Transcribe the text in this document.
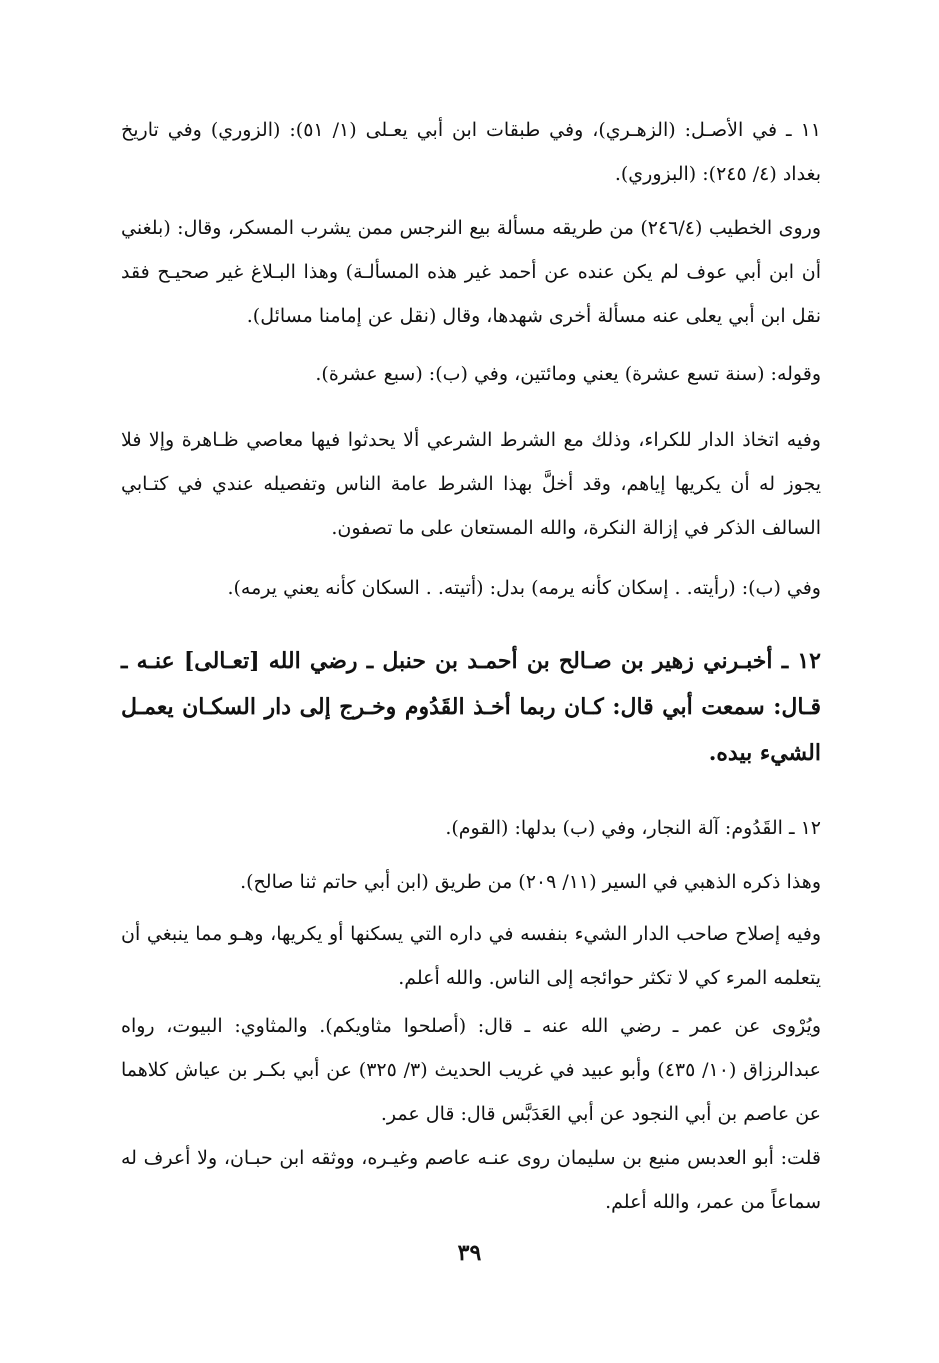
١١ ـ في الأصـل: (الزهـري)، وفي طبقات ابن أبي يعـلى (١/ ٥١): (الزوري) وفي تاريخ بغداد (٤/ ٢٤٥): (البزوري).

وروى الخطيب (٢٤٦/٤) من طريقه مسألة بيع النرجس ممن يشرب المسكر، وقال: (بلغني أن ابن أبي عوف لم يكن عنده عن أحمد غير هذه المسألـة) وهذا البـلاغ غير صحيـح فقد نقل ابن أبي يعلى عنه مسألة أخرى شهدها، وقال (نقل عن إمامنا مسائل).

وقوله: (سنة تسع عشرة) يعني ومائتين، وفي (ب): (سبع عشرة).

وفيه اتخاذ الدار للكراء، وذلك مع الشرط الشرعي ألا يحدثوا فيها معاصي ظـاهرة وإلا فلا يجوز له أن يكريها إياهم، وقد أخلَّ بهذا الشرط عامة الناس وتفصيله عندي في كتـابي السالف الذكر في إزالة النكرة، والله المستعان على ما تصفون.

وفي (ب): (رأيته. . إسكان كأنه يرمه) بدل: (أتيته. . السكان كأنه يعني يرمه).

١٢ ـ أخبـرني زهير بن صـالح بن أحمـد بن حنبل ـ رضي الله [تعـالى] عنـه ـ قـال: سمعت أبي قال: كـان ربما أخـذ القَدُوم وخـرج إلى دار السكـان يعمـل الشيء بيده.

١٢ ـ القَدُوم: آلة النجار، وفي (ب) بدلها: (القوم).

وهذا ذكره الذهبي في السير (١١/ ٢٠٩) من طريق (ابن أبي حاتم ثنا صالح).

وفيه إصلاح صاحب الدار الشيء بنفسه في داره التي يسكنها أو يكريها، وهـو مما ينبغي أن يتعلمه المرء كي لا تكثر حوائجه إلى الناس. والله أعلم.

ويُرْوى عن عمر ـ رضي الله عنه ـ قال: (أصلحوا مثاويكم). والمثاوي: البيوت، رواه عبدالرزاق (١٠/ ٤٣٥) وأبو عبيد في غريب الحديث (٣/ ٣٢٥) عن أبي بكـر بن عياش كلاهما عن عاصم بن أبي النجود عن أبي العَدَبَّس قال: قال عمر.

قلت: أبو العدبس منيع بن سليمان روى عنـه عاصم وغيـره، ووثقه ابن حبـان، ولا أعرف له سماعاً من عمر، والله أعلم.

٣٩
